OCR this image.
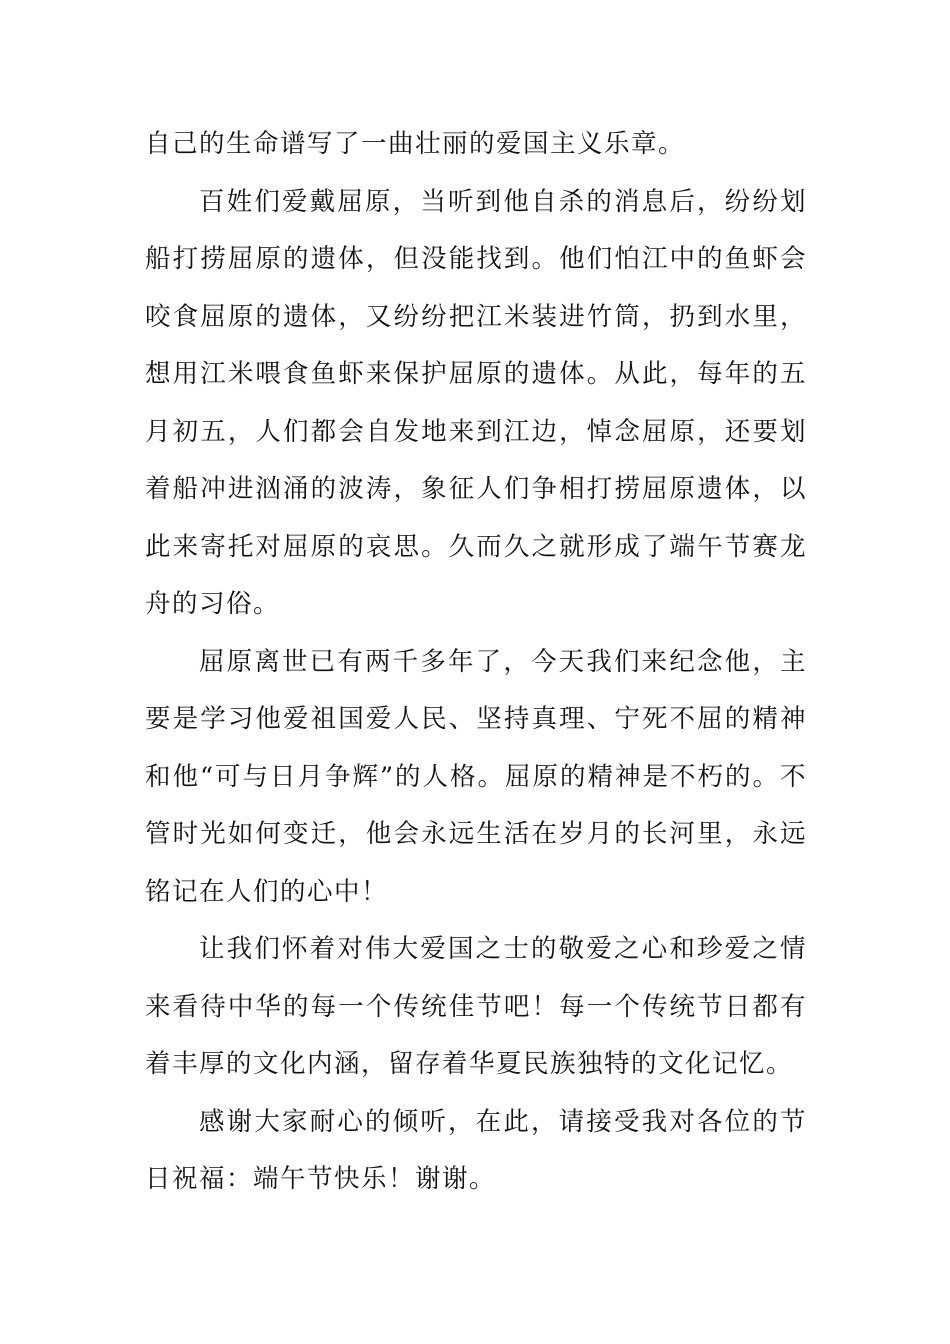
自己的生命谱写了一曲壮丽的爱国主义乐章。

百姓们爱戴屈原，当听到他自杀的消息后，纷纷划船打捞屈原的遗体，但没能找到。他们怕江中的鱼虾会咬食屈原的遗体，又纷纷把江米装进竹筒，扔到水里，想用江米喂食鱼虾来保护屈原的遗体。从此，每年的五月初五，人们都会自发地来到江边，悼念屈原，还要划着船冲进汹涌的波涛，象征人们争相打捞屈原遗体，以此来寄托对屈原的哀思。久而久之就形成了端午节赛龙舟的习俗。

屈原离世已有两千多年了，今天我们来纪念他，主要是学习他爱祖国爱人民、坚持真理、宁死不屈的精神和他“可与日月争辉”的人格。屈原的精神是不朽的。不管时光如何变迁，他会永远生活在岁月的长河里，永远铭记在人们的心中！

让我们怀着对伟大爱国之士的敬爱之心和珍爱之情来看待中华的每一个传统佳节吧！每一个传统节日都有着丰厚的文化内涵，留存着华夏民族独特的文化记忆。

感谢大家耐心的倾听，在此，请接受我对各位的节日祝福：端午节快乐！谢谢。
